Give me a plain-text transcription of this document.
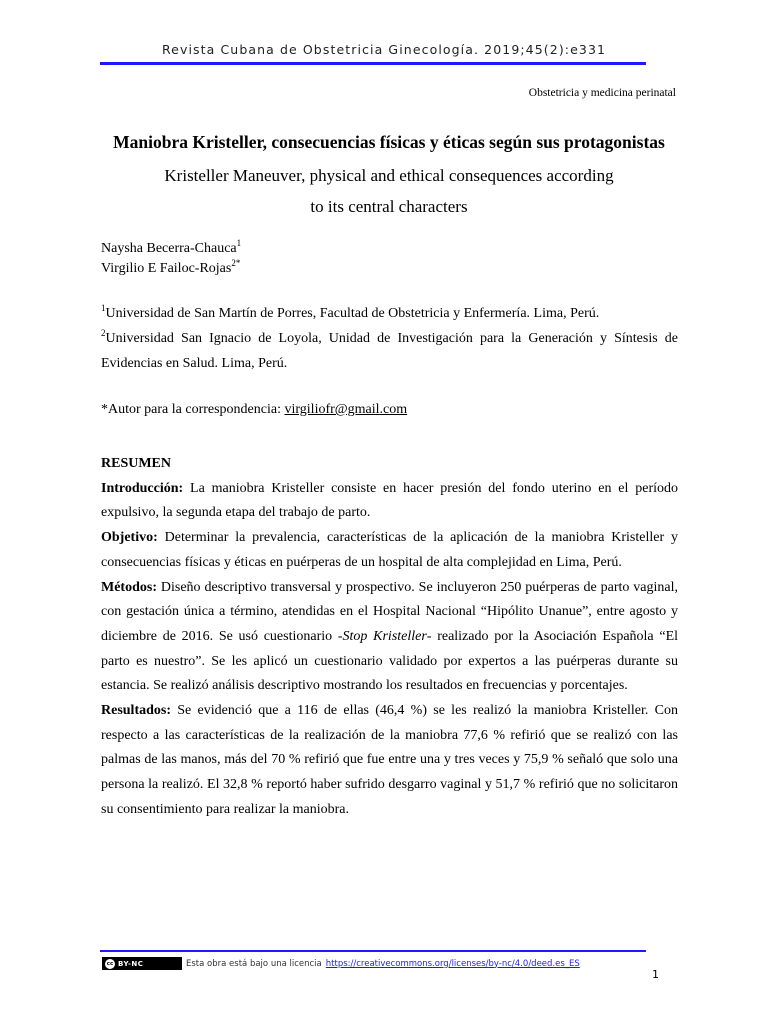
Revista Cubana de Obstetricia Ginecología. 2019;45(2):e331
Obstetricia y medicina perinatal
Maniobra Kristeller, consecuencias físicas y éticas según sus protagonistas
Kristeller Maneuver, physical and ethical consequences according
to its central characters
Naysha Becerra-Chauca$^1$
Virgilio E Failoc-Rojas$^{2*}$

$^1$Universidad de San Martín de Porres, Facultad de Obstetricia y Enfermería. Lima, Perú.

$^2$Universidad San Ignacio de Loyola, Unidad de Investigación para la Generación y Síntesis de Evidencias en Salud. Lima, Perú.

*Autor para la correspondencia: virgiliofr@gmail.com
RESUMEN

Introducción: La maniobra Kristeller consiste en hacer presión del fondo uterino en el período expulsivo, la segunda etapa del trabajo de parto.

Objetivo: Determinar la prevalencia, características de la aplicación de la maniobra Kristeller y consecuencias físicas y éticas en puérperas de un hospital de alta complejidad en Lima, Perú.

Métodos: Diseño descriptivo transversal y prospectivo. Se incluyeron 250 puérperas de parto vaginal, con gestación única a término, atendidas en el Hospital Nacional “Hipólito Unanue”, entre agosto y diciembre de 2016. Se usó cuestionario -Stop Kristeller- realizado por la Asociación Española “El parto es nuestro”. Se les aplicó un cuestionario validado por expertos a las puérperas durante su estancia. Se realizó análisis descriptivo mostrando los resultados en frecuencias y porcentajes.

Resultados: Se evidenció que a 116 de ellas (46,4 %) se les realizó la maniobra Kristeller. Con respecto a las características de la realización de la maniobra 77,6 % refirió que se realizó con las palmas de las manos, más del 70 % refirió que fue entre una y tres veces y 75,9 % señaló que solo una persona la realizó. El 32,8 % reportó haber sufrido desgarro vaginal y 51,7 % refirió que no solicitaron su consentimiento para realizar la maniobra.

cc BY-NC	Esta obra está bajo una licencia https://creativecommons.org/licenses/by-nc/4.0/deed.es_ES
1
